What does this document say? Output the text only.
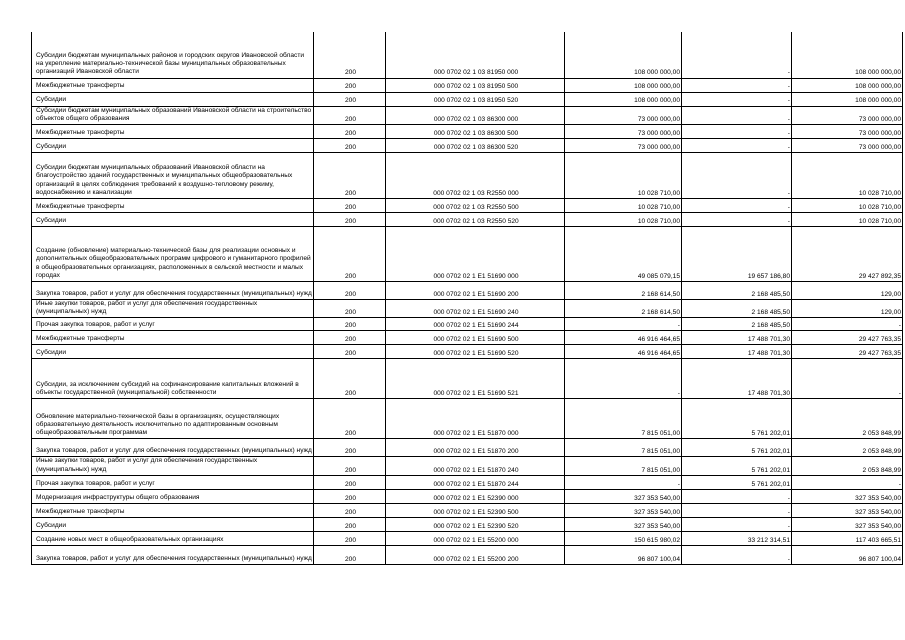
Субсидии бюджетам муниципальных районов и городских округов Ивановской области на укрепление материально-технической базы муниципальных образовательных организаций Ивановской области	200	000 0702 02 1 03 81950 000	108 000 000,00	-	108 000 000,00
Межбюджетные трансферты	200	000 0702 02 1 03 81950 500	108 000 000,00	-	108 000 000,00
Субсидии	200	000 0702 02 1 03 81950 520	108 000 000,00	-	108 000 000,00
Субсидии бюджетам муниципальных образований Ивановской области на строительство объектов общего образования	200	000 0702 02 1 03 86300 000	73 000 000,00	-	73 000 000,00
Межбюджетные трансферты	200	000 0702 02 1 03 86300 500	73 000 000,00	-	73 000 000,00
Субсидии	200	000 0702 02 1 03 86300 520	73 000 000,00	-	73 000 000,00
Субсидии бюджетам муниципальных образований Ивановской области на благоустройство зданий государственных и муниципальных общеобразовательных организаций в целях соблюдения требований к воздушно-тепловому режиму, водоснабжению и канализации	200	000 0702 02 1 03 R2550 000	10 028 710,00	-	10 028 710,00
Межбюджетные трансферты	200	000 0702 02 1 03 R2550 500	10 028 710,00	-	10 028 710,00
Субсидии	200	000 0702 02 1 03 R2550 520	10 028 710,00	-	10 028 710,00
Создание (обновление) материально-технической базы для реализации основных и дополнительных общеобразовательных программ цифрового и гуманитарного профилей в общеобразовательных организациях, расположенных в сельской местности и малых городах	200	000 0702 02 1 E1 51690 000	49 085 079,15	19 657 186,80	29 427 892,35
Закупка товаров, работ и услуг для обеспечения государственных (муниципальных) нужд	200	000 0702 02 1 E1 51690 200	2 168 614,50	2 168 485,50	129,00
Иные закупки товаров, работ и услуг для обеспечения государственных (муниципальных) нужд	200	000 0702 02 1 E1 51690 240	2 168 614,50	2 168 485,50	129,00
Прочая закупка товаров, работ и услуг	200	000 0702 02 1 E1 51690 244	-	2 168 485,50	-
Межбюджетные трансферты	200	000 0702 02 1 E1 51690 500	46 916 464,65	17 488 701,30	29 427 763,35
Субсидии	200	000 0702 02 1 E1 51690 520	46 916 464,65	17 488 701,30	29 427 763,35
Субсидии, за исключением субсидий на софинансирование капитальных вложений в объекты государственной (муниципальной) собственности	200	000 0702 02 1 E1 51690 521	-	17 488 701,30	-
Обновление материально-технической базы в организациях, осуществляющих образовательную деятельность исключительно по адаптированным основным общеобразовательным программам	200	000 0702 02 1 E1 51870 000	7 815 051,00	5 761 202,01	2 053 848,99
Закупка товаров, работ и услуг для обеспечения государственных (муниципальных) нужд	200	000 0702 02 1 E1 51870 200	7 815 051,00	5 761 202,01	2 053 848,99
Иные закупки товаров, работ и услуг для обеспечения государственных (муниципальных) нужд	200	000 0702 02 1 E1 51870 240	7 815 051,00	5 761 202,01	2 053 848,99
Прочая закупка товаров, работ и услуг	200	000 0702 02 1 E1 51870 244	-	5 761 202,01	-
Модернизация инфраструктуры общего образования	200	000 0702 02 1 E1 52390 000	327 353 540,00	-	327 353 540,00
Межбюджетные трансферты	200	000 0702 02 1 E1 52390 500	327 353 540,00	-	327 353 540,00
Субсидии	200	000 0702 02 1 E1 52390 520	327 353 540,00	-	327 353 540,00
Создание новых мест в общеобразовательных организациях	200	000 0702 02 1 E1 55200 000	150 615 980,02	33 212 314,51	117 403 665,51
Закупка товаров, работ и услуг для обеспечения государственных (муниципальных) нужд	200	000 0702 02 1 E1 55200 200	96 807 100,04	-	96 807 100,04
